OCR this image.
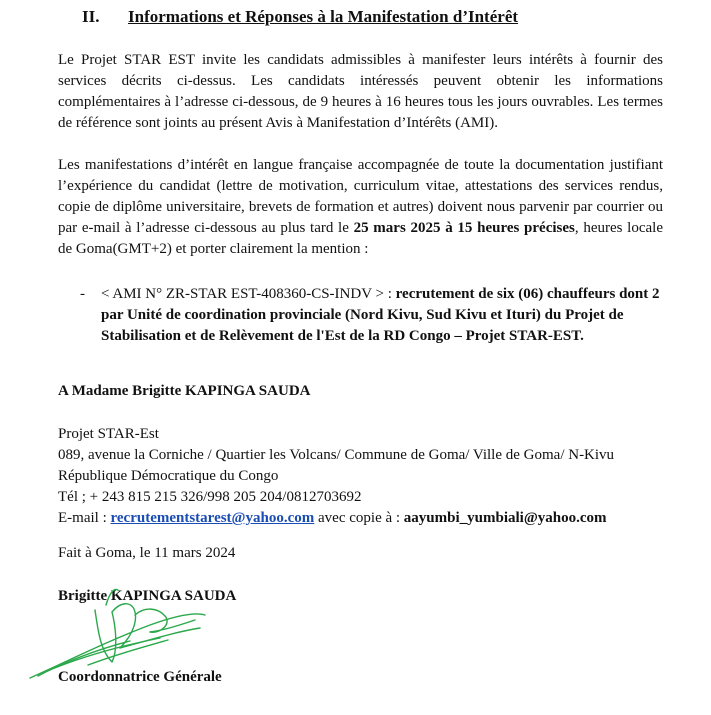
II. Informations et Réponses à la Manifestation d’Intérêt

Le Projet STAR EST invite les candidats admissibles à manifester leurs intérêts à fournir des services décrits ci-dessus. Les candidats intéressés peuvent obtenir les informations complémentaires à l’adresse ci-dessous, de 9 heures à 16 heures tous les jours ouvrables. Les termes de référence sont joints au présent Avis à Manifestation d’Intérêts (AMI).

Les manifestations d’intérêt en langue française accompagnée de toute la documentation justifiant l’expérience du candidat (lettre de motivation, curriculum vitae, attestations des services rendus, copie de diplôme universitaire, brevets de formation et autres) doivent nous parvenir par courrier ou par e-mail à l’adresse ci-dessous au plus tard le 25 mars 2025 à 15 heures précises, heures locale de Goma(GMT+2) et porter clairement la mention :

- < AMI N° ZR-STAR EST-408360-CS-INDV > : recrutement de six (06) chauffeurs dont 2 par Unité de coordination provinciale (Nord Kivu, Sud Kivu et Ituri) du Projet de Stabilisation et de Relèvement de l'Est de la RD Congo – Projet STAR-EST.
A Madame Brigitte KAPINGA SAUDA
Projet STAR-Est
089, avenue la Corniche / Quartier les Volcans/ Commune de Goma/ Ville de Goma/ N-Kivu
République Démocratique du Congo
Tél ; + 243 815 215 326/998 205 204/0812703692
E-mail : recrutementstarest@yahoo.com avec copie à : aayumbi_yumbiali@yahoo.com
Fait à Goma, le 11 mars 2024
Brigitte KAPINGA SAUDA
Coordonnatrice Générale
